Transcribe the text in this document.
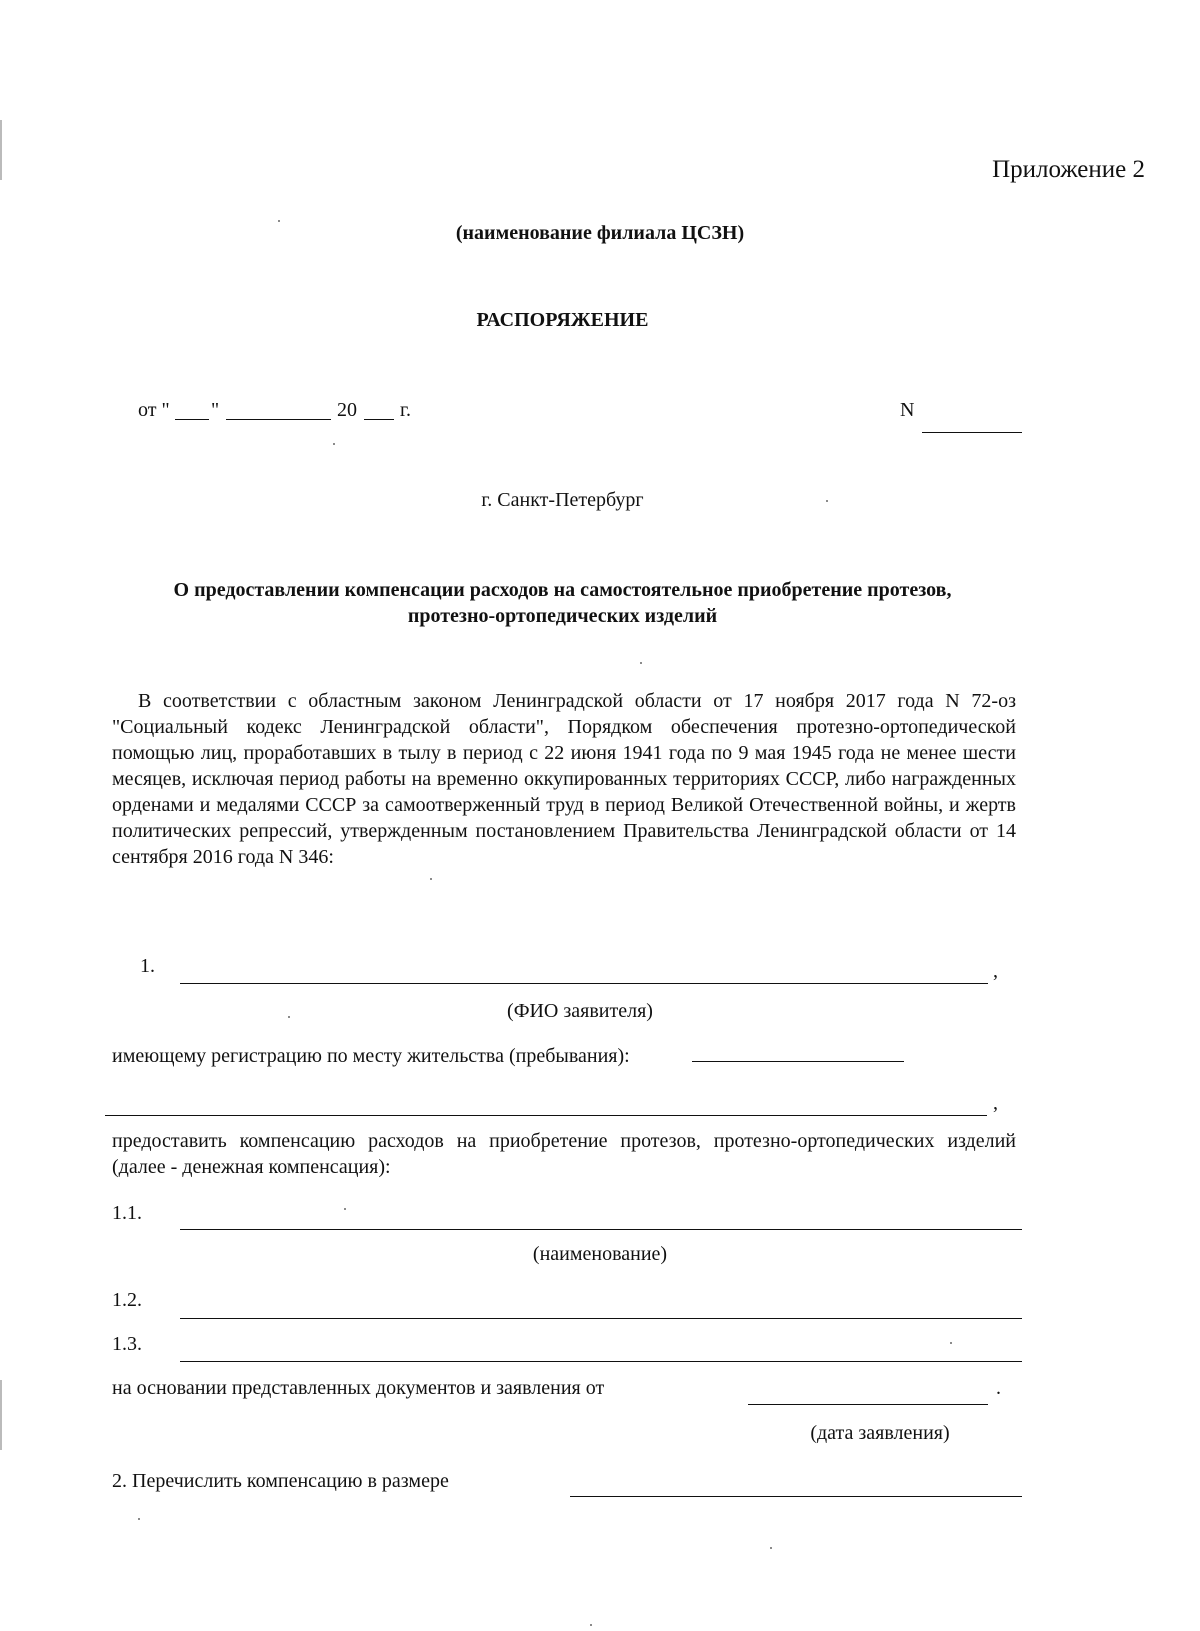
Приложение 2
(наименование филиала ЦСЗН)
РАСПОРЯЖЕНИЕ
от " "	20 г.	N
г. Санкт-Петербург
О предоставлении компенсации расходов на самостоятельное приобретение протезов,
протезно-ортопедических изделий
В соответствии с областным законом Ленинградской области от 17 ноября 2017 года N 72-оз "Социальный кодекс Ленинградской области", Порядком обеспечения протезно-ортопедической помощью лиц, проработавших в тылу в период с 22 июня 1941 года по 9 мая 1945 года не менее шести месяцев, исключая период работы на временно оккупированных территориях СССР, либо награжденных орденами и медалями СССР за самоотверженный труд в период Великой Отечественной войны, и жертв политических репрессий, утвержденным постановлением Правительства Ленинградской области от 14 сентября 2016 года N 346:
1.	,
(ФИО заявителя)
имеющему регистрацию по месту жительства (пребывания):
,
предоставить компенсацию расходов на приобретение протезов, протезно-ортопедических изделий (далее - денежная компенсация):
1.1.
(наименование)
1.2.
1.3.
на основании представленных документов и заявления от	.
(дата заявления)
2. Перечислить компенсацию в размере
